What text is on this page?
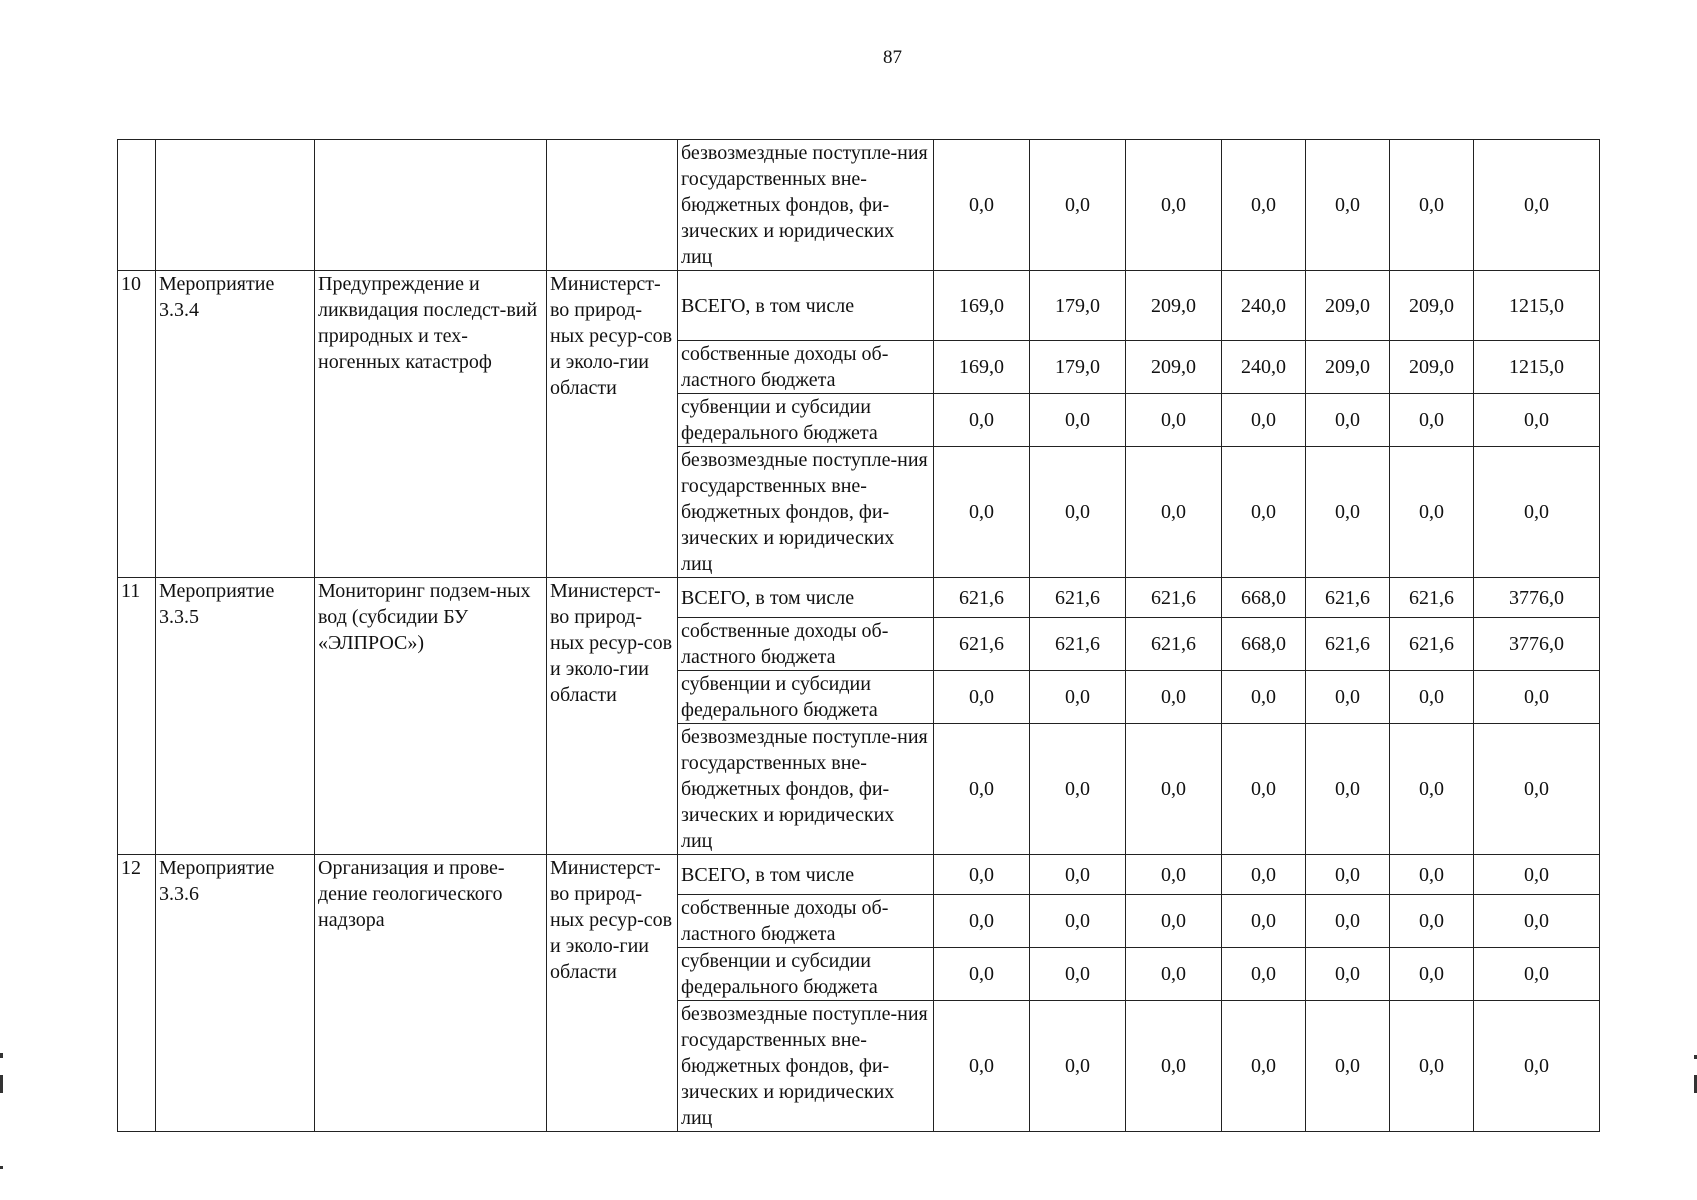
87
				безвозмездные поступле-ния государственных вне-бюджетных фондов, фи-зических и юридических лиц	0,0	0,0	0,0	0,0	0,0	0,0	0,0
10	Мероприятие 3.3.4	Предупреждение и ликвидация последст-вий природных и тех-ногенных катастроф	Министерст-во природ-ных ресур-сов и эколо-гии области	ВСЕГО, в том числе	169,0	179,0	209,0	240,0	209,0	209,0	1215,0
				собственные доходы об-ластного бюджета	169,0	179,0	209,0	240,0	209,0	209,0	1215,0
				субвенции и субсидии федерального бюджета	0,0	0,0	0,0	0,0	0,0	0,0	0,0
				безвозмездные поступле-ния государственных вне-бюджетных фондов, фи-зических и юридических лиц	0,0	0,0	0,0	0,0	0,0	0,0	0,0
11	Мероприятие 3.3.5	Мониторинг подзем-ных вод (субсидии БУ «ЭЛПРОС»)	Министерст-во природ-ных ресур-сов и эколо-гии области	ВСЕГО, в том числе	621,6	621,6	621,6	668,0	621,6	621,6	3776,0
				собственные доходы об-ластного бюджета	621,6	621,6	621,6	668,0	621,6	621,6	3776,0
				субвенции и субсидии федерального бюджета	0,0	0,0	0,0	0,0	0,0	0,0	0,0
				безвозмездные поступле-ния государственных вне-бюджетных фондов, фи-зических и юридических лиц	0,0	0,0	0,0	0,0	0,0	0,0	0,0
12	Мероприятие 3.3.6	Организация и прове-дение геологического надзора	Министерст-во природ-ных ресур-сов и эколо-гии области	ВСЕГО, в том числе	0,0	0,0	0,0	0,0	0,0	0,0	0,0
				собственные доходы об-ластного бюджета	0,0	0,0	0,0	0,0	0,0	0,0	0,0
				субвенции и субсидии федерального бюджета	0,0	0,0	0,0	0,0	0,0	0,0	0,0
				безвозмездные поступле-ния государственных вне-бюджетных фондов, фи-зических и юридических лиц	0,0	0,0	0,0	0,0	0,0	0,0	0,0
